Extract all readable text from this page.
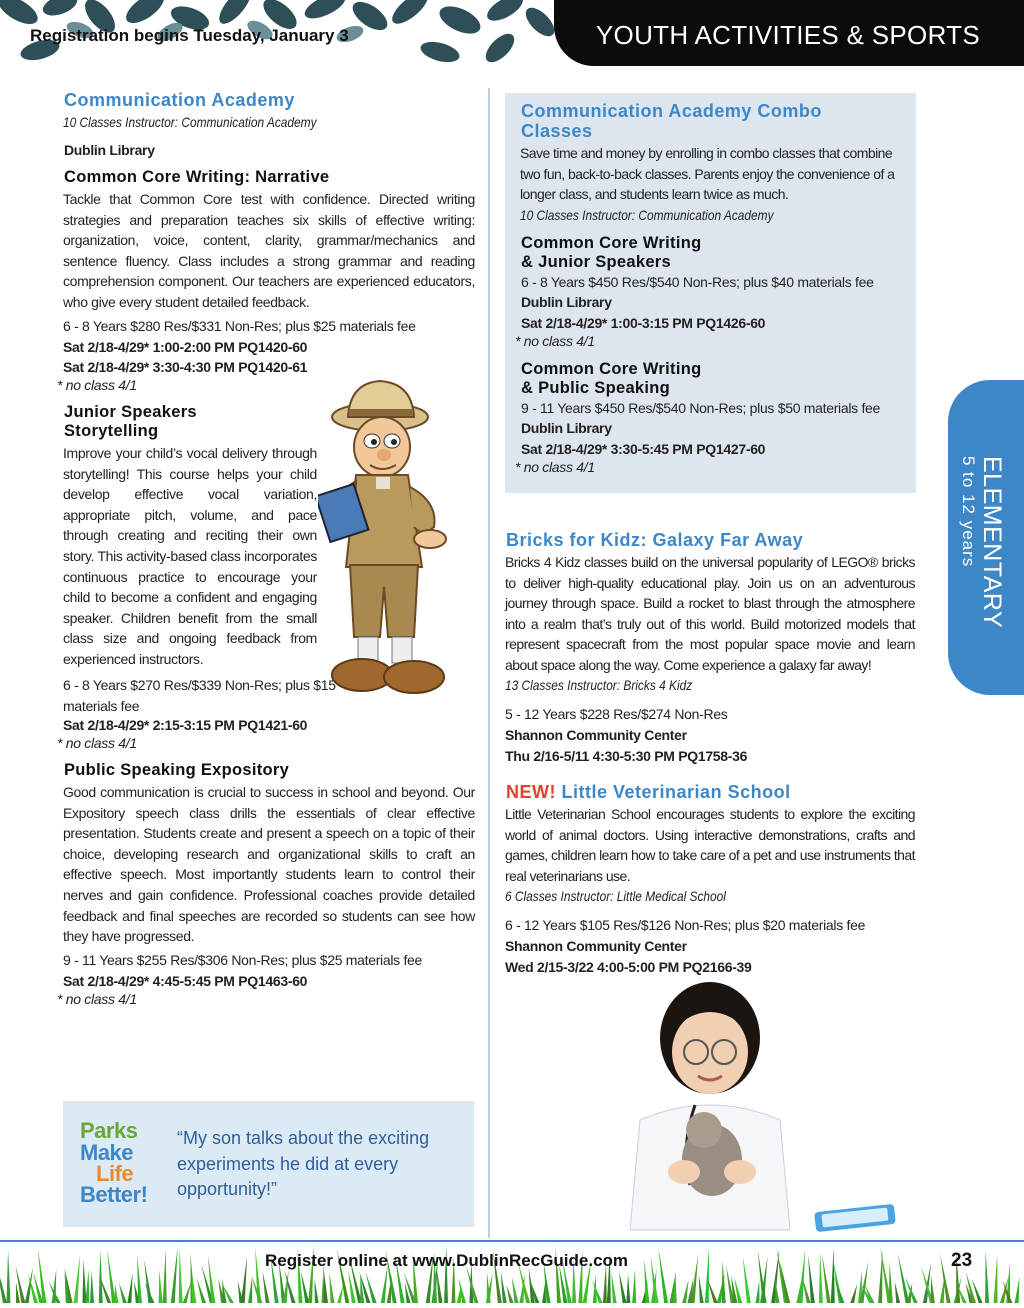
Registration begins Tuesday, January 3	YOUTH ACTIVITIES & SPORTS
Communication Academy
10 Classes Instructor: Communication Academy
Dublin Library
Common Core Writing: Narrative
Tackle that Common Core test with confidence. Directed writing strategies and preparation teaches six skills of effective writing: organization, voice, content, clarity, grammar/mechanics and sentence fluency. Class includes a strong grammar and reading comprehension component. Our teachers are experienced educators, who give every student detailed feedback.
6 - 8 Years $280 Res/$331 Non-Res; plus $25 materials fee
Sat 2/18-4/29* 1:00-2:00 PM PQ1420-60
Sat 2/18-4/29* 3:30-4:30 PM PQ1420-61
* no class 4/1
Junior Speakers
Storytelling
Improve your child’s vocal delivery through storytelling! This course helps your child develop effective vocal variation, appropriate pitch, volume, and pace through creating and reciting their own story. This activity-based class incorporates continuous practice to encourage your child to become a confident and engaging speaker. Children benefit from the small class size and ongoing feedback from experienced instructors.
6 - 8 Years $270 Res/$339 Non-Res; plus $15 materials fee
Sat 2/18-4/29* 2:15-3:15 PM PQ1421-60
* no class 4/1
Public Speaking Expository
Good communication is crucial to success in school and beyond. Our Expository speech class drills the essentials of clear effective presentation. Students create and present a speech on a topic of their choice, developing research and organizational skills to craft an effective speech. Most importantly students learn to control their nerves and gain confidence. Professional coaches provide detailed feedback and final speeches are recorded so students can see how they have progressed.
9 - 11 Years $255 Res/$306 Non-Res; plus $25 materials fee
Sat 2/18-4/29* 4:45-5:45 PM PQ1463-60
* no class 4/1
Parks
Make
Life
Better!
“My son talks about the exciting experiments he did at every opportunity!”
Communication Academy Combo
Classes
Save time and money by enrolling in combo classes that combine two fun, back-to-back classes. Parents enjoy the convenience of a longer class, and students learn twice as much.
10 Classes Instructor: Communication Academy
Common Core Writing
& Junior Speakers
6 - 8 Years $450 Res/$540 Non-Res; plus $40 materials fee
Dublin Library
Sat 2/18-4/29* 1:00-3:15 PM PQ1426-60
* no class 4/1
Common Core Writing
& Public Speaking
9 - 11 Years $450 Res/$540 Non-Res; plus $50 materials fee
Dublin Library
Sat 2/18-4/29* 3:30-5:45 PM PQ1427-60
* no class 4/1
Bricks for Kidz: Galaxy Far Away
Bricks 4 Kidz classes build on the universal popularity of LEGO® bricks to deliver high-quality educational play. Join us on an adventurous journey through space. Build a rocket to blast through the atmosphere into a realm that’s truly out of this world. Build motorized models that represent spacecraft from the most popular space movie and learn about space along the way. Come experience a galaxy far away!
13 Classes Instructor: Bricks 4 Kidz
5 - 12 Years $228 Res/$274 Non-Res
Shannon Community Center
Thu 2/16-5/11 4:30-5:30 PM PQ1758-36
NEW! Little Veterinarian School
Little Veterinarian School encourages students to explore the exciting world of animal doctors. Using interactive demonstrations, crafts and games, children learn how to take care of a pet and use instruments that real veterinarians use.
6 Classes Instructor: Little Medical School
6 - 12 Years $105 Res/$126 Non-Res; plus $20 materials fee
Shannon Community Center
Wed 2/15-3/22 4:00-5:00 PM PQ2166-39
ELEMENTARY
5 to 12 years
Register online at www.DublinRecGuide.com	23
